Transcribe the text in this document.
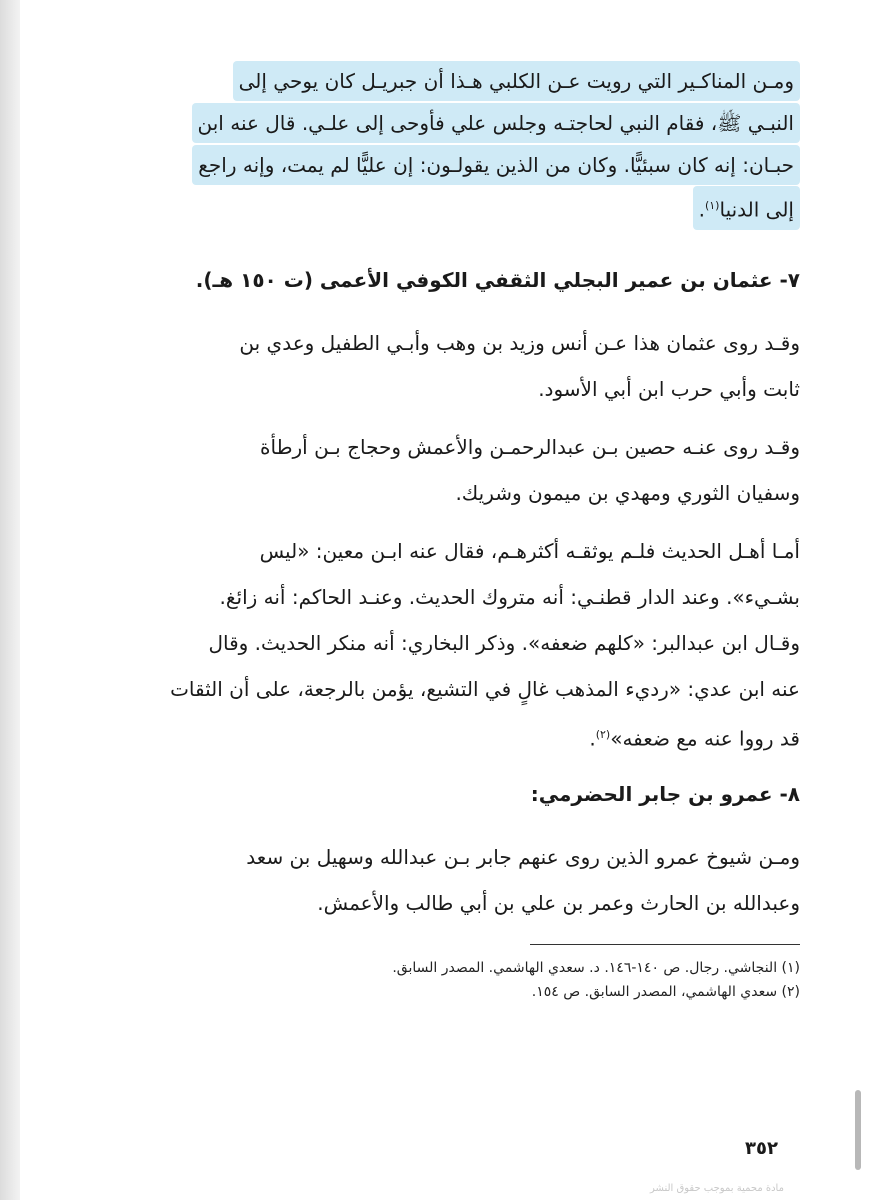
ومـن المناكـير التي رويت عـن الكلبي هـذا أن جبريـل كان يوحي إلى
النبـي ﷺ، فقام النبي لحاجتـه وجلس علي فأوحى إلى علـي. قال عنه ابن
حبـان: إنه كان سبئيًّا. وكان من الذين يقولـون: إن عليًّا لم يمت، وإنه راجع
إلى الدنيا$^{(١)}$.
٧- عثمان بن عمير البجلي الثقفي الكوفي الأعمى (ت ١٥٠ هـ).
وقـد روى عثمان هذا عـن أنس وزيد بن وهب وأبـي الطفيل وعدي بن
ثابت وأبي حرب ابن أبي الأسود.
وقـد روى عنـه حصين بـن عبدالرحمـن والأعمش وحجاج بـن أرطأة
وسفيان الثوري ومهدي بن ميمون وشريك.
أمـا أهـل الحديث فلـم يوثقـه أكثرهـم، فقال عنه ابـن معين: «ليس
بشـيء». وعند الدار قطنـي: أنه متروك الحديث. وعنـد الحاكم: أنه زائغ.
وقـال ابن عبدالبر: «كلهم ضعفه». وذكر البخاري: أنه منكر الحديث. وقال
عنه ابن عدي: «رديء المذهب غالٍ في التشيع، يؤمن بالرجعة، على أن الثقات
قد رووا عنه مع ضعفه»$^{(٢)}$.
٨- عمرو بن جابر الحضرمي:
ومـن شيوخ عمرو الذين روى عنهم جابر بـن عبدالله وسهيل بن سعد
وعبدالله بن الحارث وعمر بن علي بن أبي طالب والأعمش.
(١) النجاشي. رجال. ص ١٤٠-١٤٦. د. سعدي الهاشمي. المصدر السابق.
(٢) سعدي الهاشمي، المصدر السابق. ص ١٥٤.
٣٥٢
مادة محمية بموجب حقوق النشر
